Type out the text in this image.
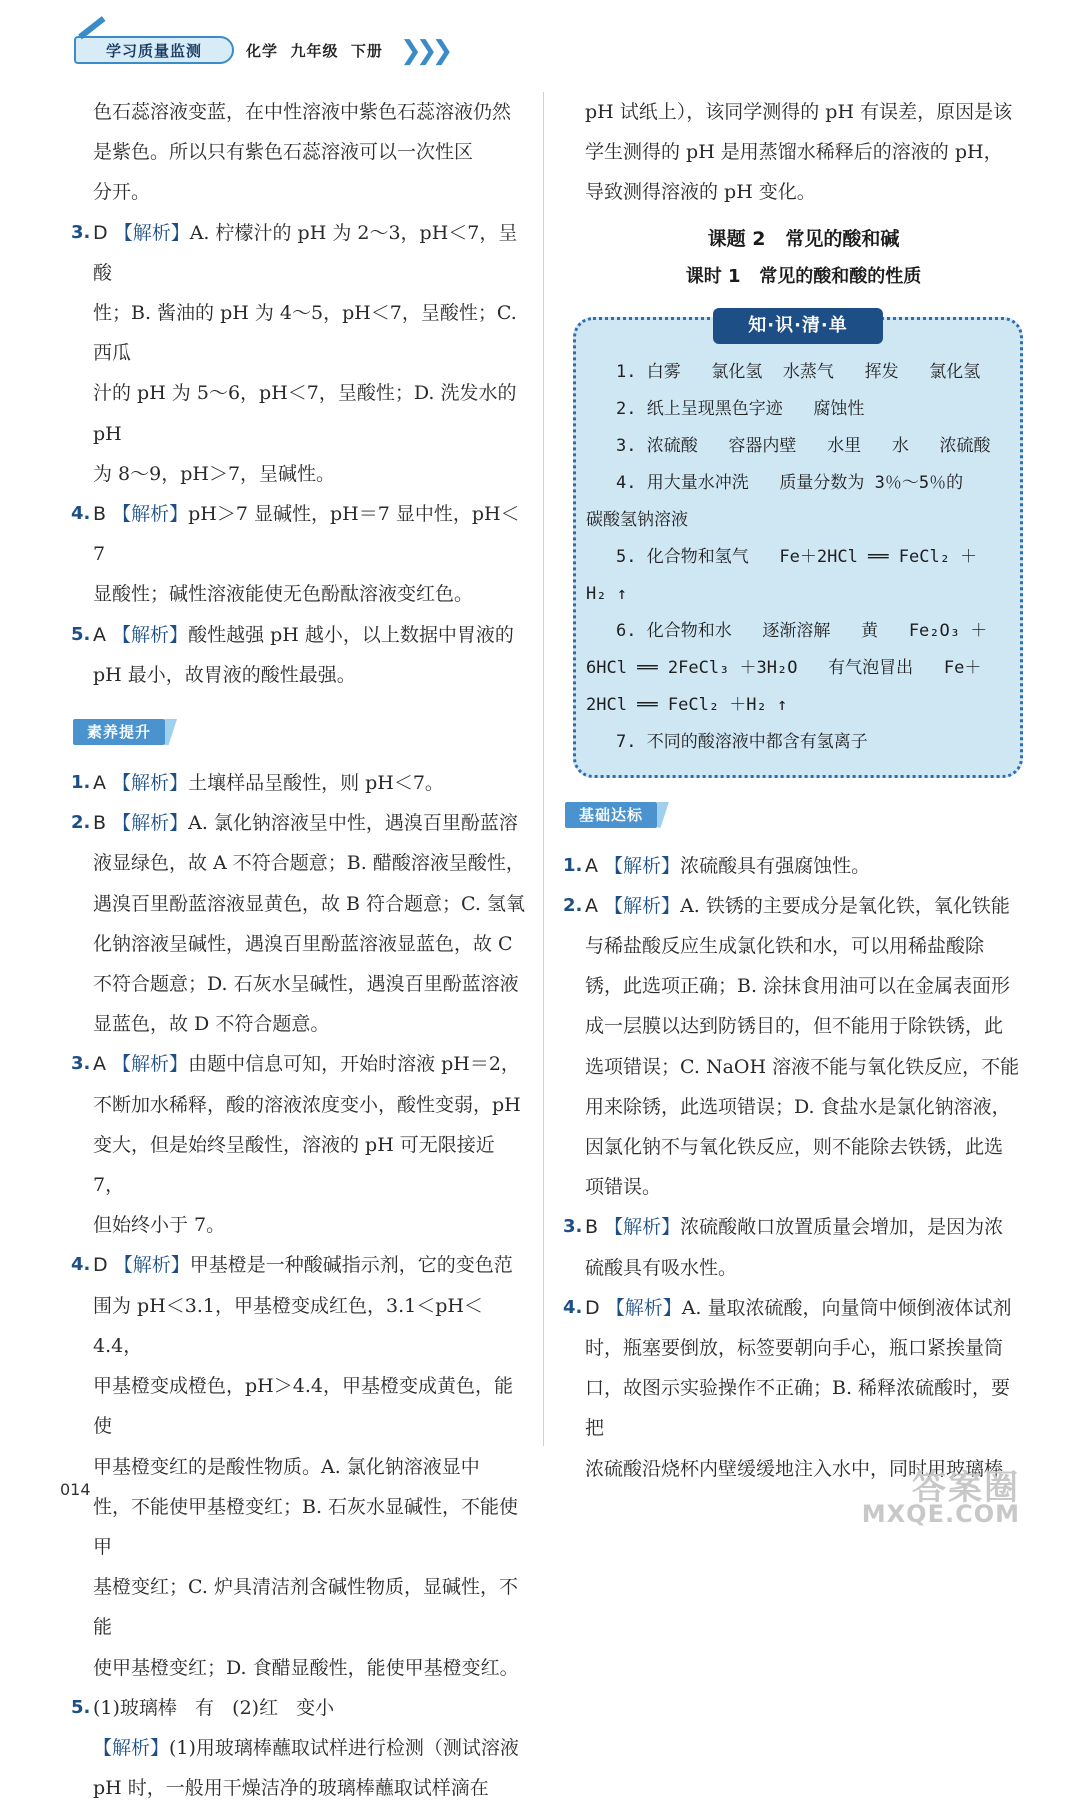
学习质量监测	化学  九年级  下册 ❯❯❯
色石蕊溶液变蓝，在中性溶液中紫色石蕊溶液仍然
是紫色。所以只有紫色石蕊溶液可以一次性区
分开。
3. D 【解析】A. 柠檬汁的 pH 为 2～3，pH＜7，呈酸
性；B. 酱油的 pH 为 4～5，pH＜7，呈酸性；C. 西瓜
汁的 pH 为 5～6，pH＜7，呈酸性；D. 洗发水的 pH
为 8～9，pH＞7，呈碱性。
4. B 【解析】pH＞7 显碱性，pH＝7 显中性，pH＜7
显酸性；碱性溶液能使无色酚酞溶液变红色。
5. A 【解析】酸性越强 pH 越小，以上数据中胃液的
pH 最小，故胃液的酸性最强。
素养提升
1. A 【解析】土壤样品呈酸性，则 pH＜7。
2. B 【解析】A. 氯化钠溶液呈中性，遇溴百里酚蓝溶
液显绿色，故 A 不符合题意；B. 醋酸溶液呈酸性，
遇溴百里酚蓝溶液显黄色，故 B 符合题意；C. 氢氧
化钠溶液呈碱性，遇溴百里酚蓝溶液显蓝色，故 C
不符合题意；D. 石灰水呈碱性，遇溴百里酚蓝溶液
显蓝色，故 D 不符合题意。
3. A 【解析】由题中信息可知，开始时溶液 pH＝2，
不断加水稀释，酸的溶液浓度变小，酸性变弱，pH
变大，但是始终呈酸性，溶液的 pH 可无限接近 7，
但始终小于 7。
4. D 【解析】甲基橙是一种酸碱指示剂，它的变色范
围为 pH＜3.1，甲基橙变成红色，3.1＜pH＜4.4，
甲基橙变成橙色，pH＞4.4，甲基橙变成黄色，能使
甲基橙变红的是酸性物质。A. 氯化钠溶液显中
性，不能使甲基橙变红；B. 石灰水显碱性，不能使甲
基橙变红；C. 炉具清洁剂含碱性物质，显碱性，不能
使甲基橙变红；D. 食醋显酸性，能使甲基橙变红。
5. (1)玻璃棒   有   (2)红   变小
【解析】(1)用玻璃棒蘸取试样进行检测（测试溶液
pH 时，一般用干燥洁净的玻璃棒蘸取试样滴在
pH 试纸上），该同学测得的 pH 有误差，原因是该
学生测得的 pH 是用蒸馏水稀释后的溶液的 pH，
导致测得溶液的 pH 变化。
课题 2   常见的酸和碱
课时 1   常见的酸和酸的性质
知·识·清·单
1. 白雾   氯化氢  水蒸气   挥发   氯化氢
2. 纸上呈现黑色字迹   腐蚀性
3. 浓硫酸   容器内壁   水里   水   浓硫酸
4. 用大量水冲洗   质量分数为 3％～5％的
碳酸氢钠溶液
5. 化合物和氢气   Fe＋2HCl ══ FeCl₂ ＋
H₂ ↑
6. 化合物和水   逐渐溶解   黄   Fe₂O₃ ＋
6HCl ══ 2FeCl₃ ＋3H₂O   有气泡冒出   Fe＋
2HCl ══ FeCl₂ ＋H₂ ↑
7. 不同的酸溶液中都含有氢离子
基础达标
1. A 【解析】浓硫酸具有强腐蚀性。
2. A 【解析】A. 铁锈的主要成分是氧化铁，氧化铁能
与稀盐酸反应生成氯化铁和水，可以用稀盐酸除
锈，此选项正确；B. 涂抹食用油可以在金属表面形
成一层膜以达到防锈目的，但不能用于除铁锈，此
选项错误；C. NaOH 溶液不能与氧化铁反应，不能
用来除锈，此选项错误；D. 食盐水是氯化钠溶液，
因氯化钠不与氧化铁反应，则不能除去铁锈，此选
项错误。
3. B 【解析】浓硫酸敞口放置质量会增加，是因为浓
硫酸具有吸水性。
4. D 【解析】A. 量取浓硫酸，向量筒中倾倒液体试剂
时，瓶塞要倒放，标签要朝向手心，瓶口紧挨量筒
口，故图示实验操作不正确；B. 稀释浓硫酸时，要把
浓硫酸沿烧杯内壁缓缓地注入水中，同时用玻璃棒
014	答案圈
MXQE.COM
